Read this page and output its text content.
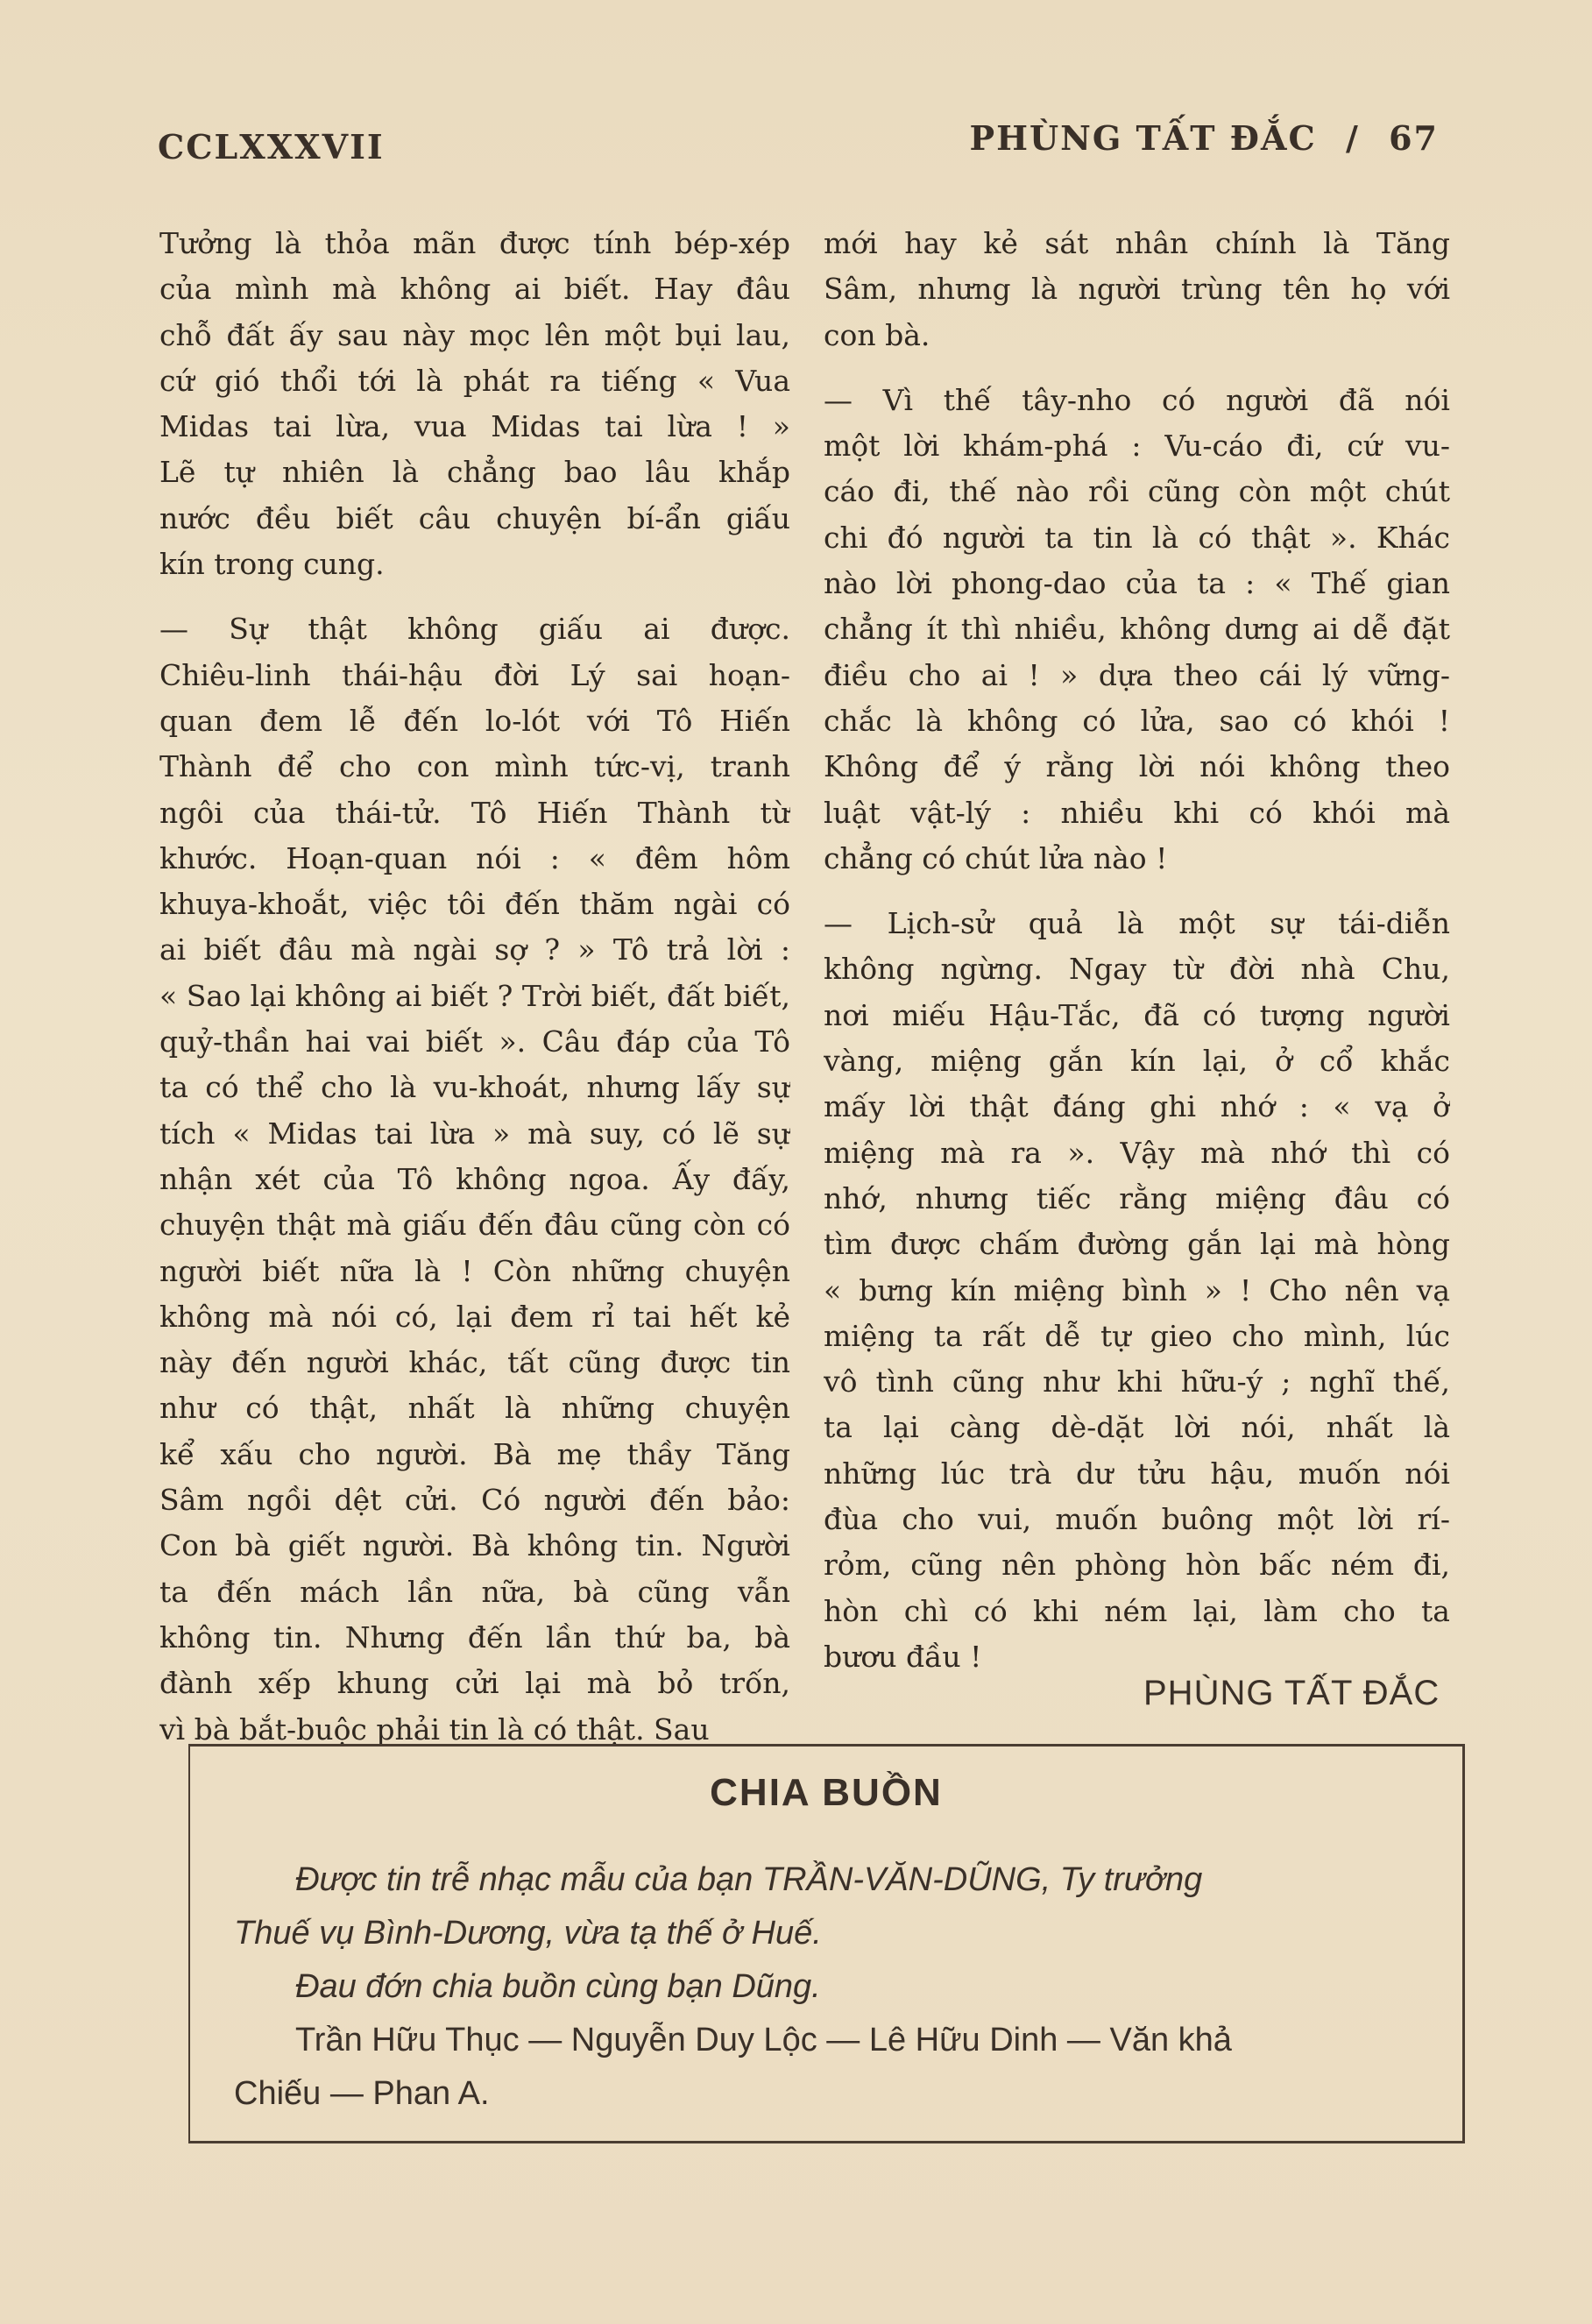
CCLXXXVII	PHÙNG TẤT ĐẮC / 67
Tưởng là thỏa mãn được tính bép-xép
của mình mà không ai biết. Hay đâu
chỗ đất ấy sau này mọc lên một bụi lau,
cứ gió thổi tới là phát ra tiếng « Vua
Midas tai lừa, vua Midas tai lừa ! »
Lẽ tự nhiên là chẳng bao lâu khắp
nước đều biết câu chuyện bí-ẩn giấu
kín trong cung.
— Sự thật không giấu ai được.
Chiêu-linh thái-hậu đời Lý sai hoạn-
quan đem lễ đến lo-lót với Tô Hiến
Thành để cho con mình tức-vị, tranh
ngôi của thái-tử. Tô Hiến Thành từ
khước. Hoạn-quan nói : « đêm hôm
khuya-khoắt, việc tôi đến thăm ngài có
ai biết đâu mà ngài sợ ? » Tô trả lời :
« Sao lại không ai biết ? Trời biết, đất biết,
quỷ-thần hai vai biết ». Câu đáp của Tô
ta có thể cho là vu-khoát, nhưng lấy sự
tích « Midas tai lừa » mà suy, có lẽ sự
nhận xét của Tô không ngoa. Ấy đấy,
chuyện thật mà giấu đến đâu cũng còn có
người biết nữa là ! Còn những chuyện
không mà nói có, lại đem rỉ tai hết kẻ
này đến người khác, tất cũng được tin
như có thật, nhất là những chuyện
kể xấu cho người. Bà mẹ thầy Tăng
Sâm ngồi dệt cửi. Có người đến bảo:
Con bà giết người. Bà không tin. Người
ta đến mách lần nữa, bà cũng vẫn
không tin. Nhưng đến lần thứ ba, bà
đành xếp khung cửi lại mà bỏ trốn,
vì bà bắt-buộc phải tin là có thật. Sau
mới hay kẻ sát nhân chính là Tăng
Sâm, nhưng là người trùng tên họ với
con bà.
— Vì thế tây-nho có người đã nói
một lời khám-phá : Vu-cáo đi, cứ vu-
cáo đi, thế nào rồi cũng còn một chút
chi đó người ta tin là có thật ». Khác
nào lời phong-dao của ta : « Thế gian
chẳng ít thì nhiều, không dưng ai dễ đặt
điều cho ai ! » dựa theo cái lý vững-
chắc là không có lửa, sao có khói !
Không để ý rằng lời nói không theo
luật vật-lý : nhiều khi có khói mà
chẳng có chút lửa nào !
— Lịch-sử quả là một sự tái-diễn
không ngừng. Ngay từ đời nhà Chu,
nơi miếu Hậu-Tắc, đã có tượng người
vàng, miệng gắn kín lại, ở cổ khắc
mấy lời thật đáng ghi nhớ : « vạ ở
miệng mà ra ». Vậy mà nhớ thì có
nhớ, nhưng tiếc rằng miệng đâu có
tìm được chấm đường gắn lại mà hòng
« bưng kín miệng bình » ! Cho nên vạ
miệng ta rất dễ tự gieo cho mình, lúc
vô tình cũng như khi hữu-ý ; nghĩ thế,
ta lại càng dè-dặt lời nói, nhất là
những lúc trà dư tửu hậu, muốn nói
đùa cho vui, muốn buông một lời rí-
rỏm, cũng nên phòng hòn bấc ném đi,
hòn chì có khi ném lại, làm cho ta
bươu đầu !
PHÙNG TẤT ĐẮC
CHIA BUỒN
Được tin trễ nhạc mẫu của bạn TRẦN-VĂN-DŨNG, Ty trưởng
Thuế vụ Bình-Dương, vừa tạ thế ở Huế.
Đau đớn chia buồn cùng bạn Dũng.
Trần Hữu Thục — Nguyễn Duy Lộc — Lê Hữu Dinh — Văn khả
Chiếu — Phan A.
